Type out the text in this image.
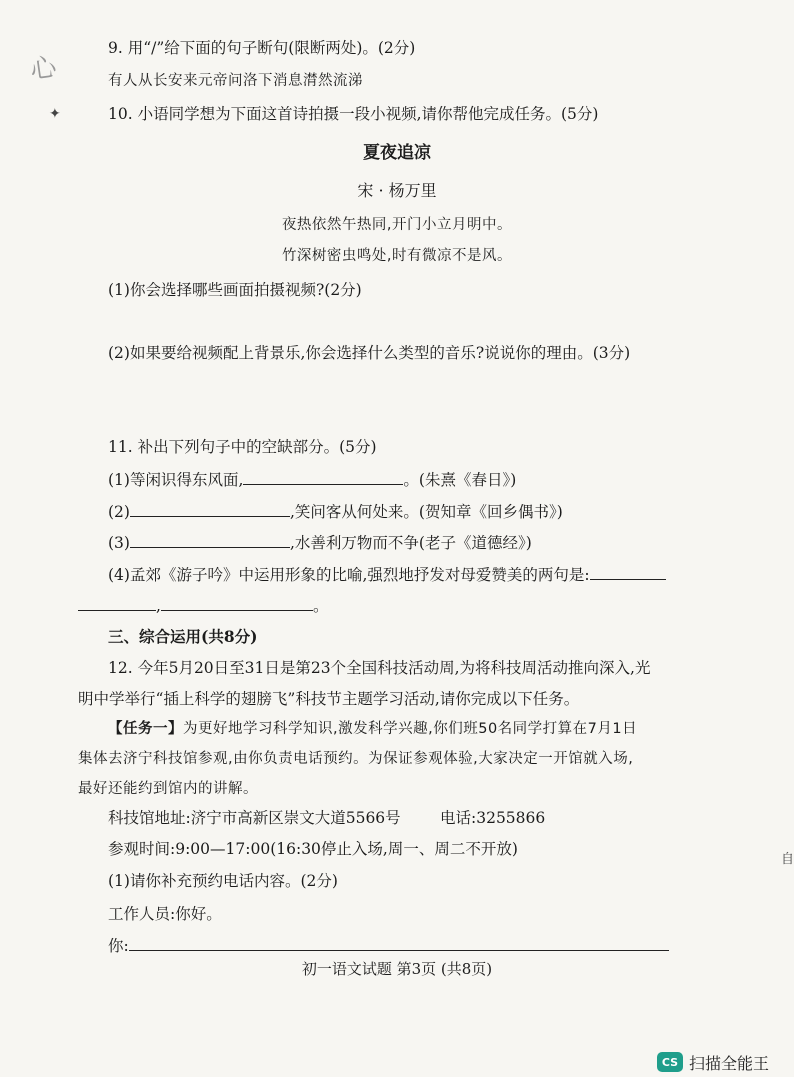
心
✦
自
9. 用“/”给下面的句子断句(限断两处)。(2分)
有人从长安来元帝问洛下消息潸然流涕
10. 小语同学想为下面这首诗拍摄一段小视频,请你帮他完成任务。(5分)
夏夜追凉
宋 · 杨万里
夜热依然午热同,开门小立月明中。
竹深树密虫鸣处,时有微凉不是风。
(1)你会选择哪些画面拍摄视频?(2分)
(2)如果要给视频配上背景乐,你会选择什么类型的音乐?说说你的理由。(3分)
11. 补出下列句子中的空缺部分。(5分)
(1)等闲识得东风面,	。(朱熹《春日》)
(2)	,笑问客从何处来。(贺知章《回乡偶书》)
(3)	,水善利万物而不争(老子《道德经》)
(4)孟郊《游子吟》中运用形象的比喻,强烈地抒发对母爱赞美的两句是:
,	。
三、综合运用(共8分)
12. 今年5月20日至31日是第23个全国科技活动周,为将科技周活动推向深入,光
明中学举行“插上科学的翅膀飞”科技节主题学习活动,请你完成以下任务。
【任务一】为更好地学习科学知识,激发科学兴趣,你们班50名同学打算在7月1日
集体去济宁科技馆参观,由你负责电话预约。为保证参观体验,大家决定一开馆就入场,
最好还能约到馆内的讲解。
科技馆地址:济宁市高新区崇文大道5566号	电话:3255866
参观时间:9:00—17:00(16:30停止入场,周一、周二不开放)
(1)请你补充预约电话内容。(2分)
工作人员:你好。
你:
初一语文试题 第3页 (共8页)
CS 扫描全能王
